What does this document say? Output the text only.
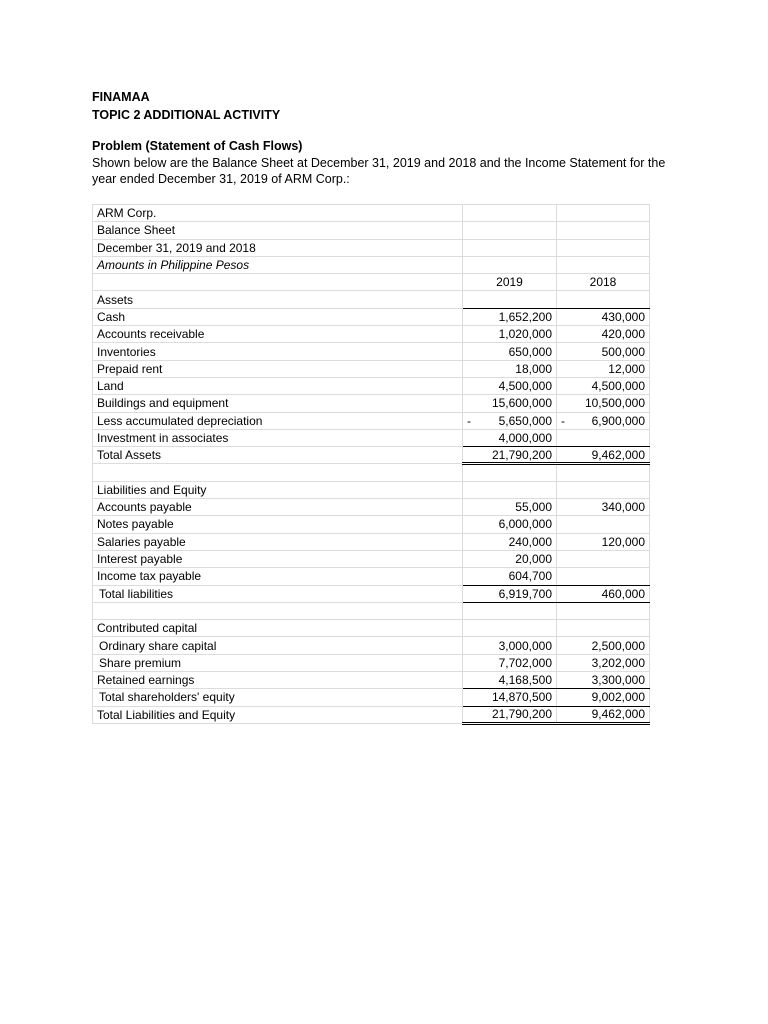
FINAMAA
TOPIC 2 ADDITIONAL ACTIVITY
Problem (Statement of Cash Flows)
Shown below are the Balance Sheet at December 31, 2019 and 2018 and the Income Statement for the year ended December 31, 2019 of ARM Corp.:
ARM Corp.		
Balance Sheet		
December 31, 2019 and 2018		
Amounts in Philippine Pesos		
	2019	2018
Assets		
Cash	1,652,200	430,000
Accounts receivable	1,020,000	420,000
Inventories	650,000	500,000
Prepaid rent	18,000	12,000
Land	4,500,000	4,500,000
Buildings and equipment	15,600,000	10,500,000
Less accumulated depreciation	- 5,650,000	- 6,900,000
Investment in associates	4,000,000	
Total Assets	21,790,200	9,462,000

Liabilities and Equity		
Accounts payable	55,000	340,000
Notes payable	6,000,000	
Salaries payable	240,000	120,000
Interest payable	20,000	
Income tax payable	604,700	
Total liabilities	6,919,700	460,000

Contributed capital		
Ordinary share capital	3,000,000	2,500,000
Share premium	7,702,000	3,202,000
Retained earnings	4,168,500	3,300,000
Total shareholders' equity	14,870,500	9,002,000
Total Liabilities and Equity	21,790,200	9,462,000
